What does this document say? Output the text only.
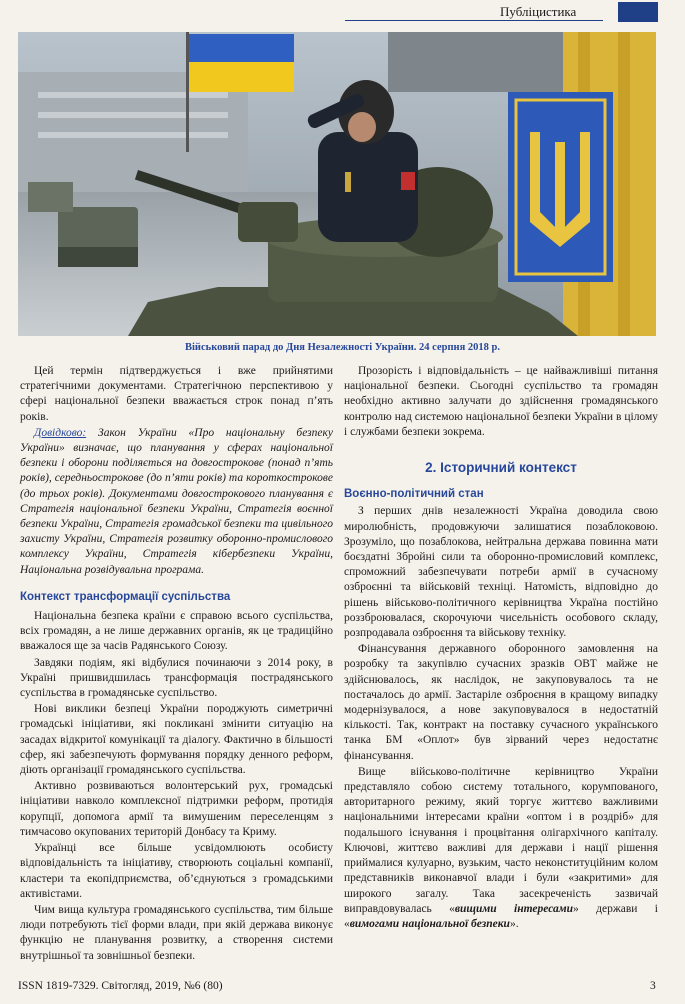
Публіцистика
Військовий парад до Дня Незалежності України. 24 серпня 2018 р.

Цей термін підтверджується і вже прийнятими стратегічними документами. Стратегічною перспективою у сфері національної безпеки вважається строк понад п’ять років.

Довідково: Закон України «Про національну безпеку України» визначає, що планування у сферах національної безпеки і оборони поділяється на довгострокове (понад п’ять років), середньострокове (до п’яти років) та короткострокове (до трьох років). Документами довгострокового планування є Стратегія національної безпеки України, Стратегія воєнної безпеки України, Стратегія громадської безпеки та цивільного захисту України, Стратегія розвитку оборонно-промислового комплексу України, Стратегія кібербезпеки України, Національна розвідувальна програма.

Контекст трансформації суспільства

Національна безпека країни є справою всього суспільства, всіх громадян, а не лише державних органів, як це традиційно вважалося ще за часів Радянського Союзу.

Завдяки подіям, які відбулися починаючи з 2014 року, в Україні пришвидшилась трансформація пострадянського суспільства в громадянське суспільство.

Нові виклики безпеці України породжують симетричні громадські ініціативи, які покликані змінити ситуацію на засадах відкритої комунікації та діалогу. Фактично в більшості сфер, які забезпечують формування порядку денного реформ, діють організації громадянського суспільства.

Активно розвиваються волонтерський рух, громадські ініціативи навколо комплексної підтримки реформ, протидія корупції, допомога армії та вимушеним переселенцям з тимчасово окупованих територій Донбасу та Криму.

Українці все більше усвідомлюють особисту відповідальність та ініціативу, створюють соціальні компанії, кластери та екопідприємства, об’єднуються з громадськими активістами.

Чим вища культура громадянського суспільства, тим більше люди потребують тієї форми влади, при якій держава виконує функцію не планування розвитку, а створення системи внутрішньої та зовнішньої безпеки.

Прозорість і відповідальність – це найважливіші питання національної безпеки. Сьогодні суспільство та громадян необхідно активно залучати до здійснення громадянського контролю над системою національної безпеки України в цілому і службами безпеки зокрема.

2. Історичний контекст
Воєнно-політичний стан

З перших днів незалежності Україна доводила свою миролюбність, продовжуючи залишатися позаблоковою. Зрозуміло, що позаблокова, нейтральна держава повинна мати боєздатні Збройні сили та оборонно-промисловий комплекс, спроможний забезпечувати потреби армії в сучасному озброєнні та військовій техніці. Натомість, відповідно до рішень військово-політичного керівництва Україна постійно роззброювалася, скорочуючи чисельність особового складу, розпродавала озброєння та військову техніку.

Фінансування державного оборонного замовлення на розробку та закупівлю сучасних зразків ОВТ майже не здійснювалось, як наслідок, не закуповувалось та не постачалось до армії. Застаріле озброєння в кращому випадку модернізувалося, а нове закуповувалося в недостатній кількості. Так, контракт на поставку сучасного українського танка БМ «Оплот» був зірваний через недостатнє фінансування.

Вище військово-політичне керівництво України представляло собою систему тотального, корумпованого, авторитарного режиму, який торгує життєво важливими національними інтересами країни «оптом і в роздріб» для подальшого існування і процвітання олігархічного капіталу. Ключові, життєво важливі для держави і нації рішення приймалися кулуарно, вузьким, часто неконституційним колом представників виконавчої влади і були «закритими» для широкого загалу. Така засекреченість зазвичай виправдовувалась «вищими інтересами» держави і «вимогами національної безпеки».

ISSN 1819-7329. Світогляд, 2019, №6 (80)	3
